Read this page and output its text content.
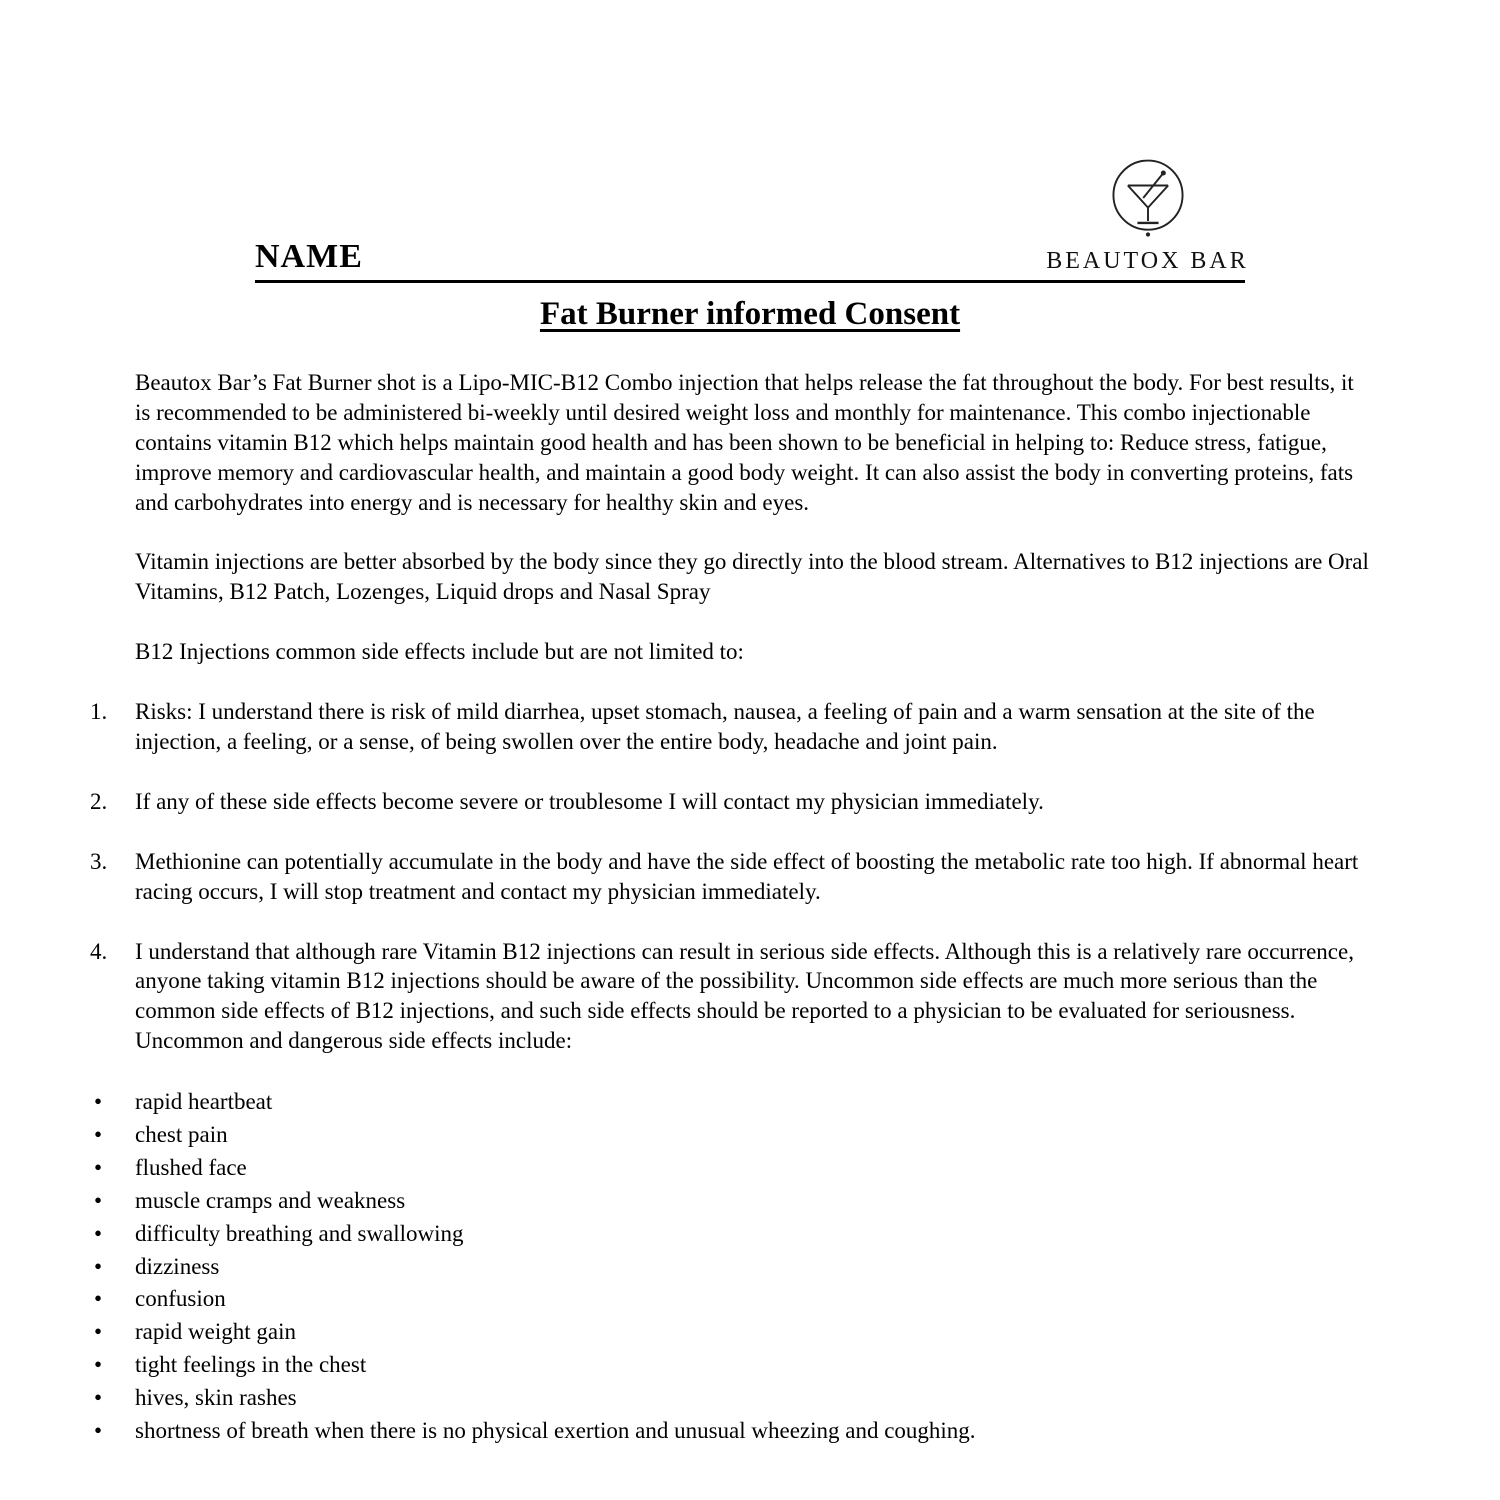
BEAUTOX BAR
NAME
Fat Burner informed Consent

Beautox Bar’s Fat Burner shot is a Lipo-MIC-B12 Combo injection that helps release the fat throughout the body. For best results, it is recommended to be administered bi-weekly until desired weight loss and monthly for maintenance. This combo injectionable contains vitamin B12 which helps maintain good health and has been shown to be beneficial in helping to: Reduce stress, fatigue, improve memory and cardiovascular health, and maintain a good body weight. It can also assist the body in converting proteins, fats and carbohydrates into energy and is necessary for healthy skin and eyes.

Vitamin injections are better absorbed by the body since they go directly into the blood stream. Alternatives to B12 injections are Oral Vitamins, B12 Patch, Lozenges, Liquid drops and Nasal Spray

B12 Injections common side effects include but are not limited to:

1.	Risks: I understand there is risk of mild diarrhea, upset stomach, nausea, a feeling of pain and a warm sensation at the site of the injection, a feeling, or a sense, of being swollen over the entire body, headache and joint pain.
2.	If any of these side effects become severe or troublesome I will contact my physician immediately.
3.	Methionine can potentially accumulate in the body and have the side effect of boosting the metabolic rate too high. If abnormal heart racing occurs, I will stop treatment and contact my physician immediately.
4.	I understand that although rare Vitamin B12 injections can result in serious side effects. Although this is a relatively rare occurrence, anyone taking vitamin B12 injections should be aware of the possibility. Uncommon side effects are much more serious than the common side effects of B12 injections, and such side effects should be reported to a physician to be evaluated for seriousness. Uncommon and dangerous side effects include:
•	rapid heartbeat
•	chest pain
•	flushed face
•	muscle cramps and weakness
•	difficulty breathing and swallowing
•	dizziness
•	confusion
•	rapid weight gain
•	tight feelings in the chest
•	hives, skin rashes
•	shortness of breath when there is no physical exertion and unusual wheezing and coughing.
